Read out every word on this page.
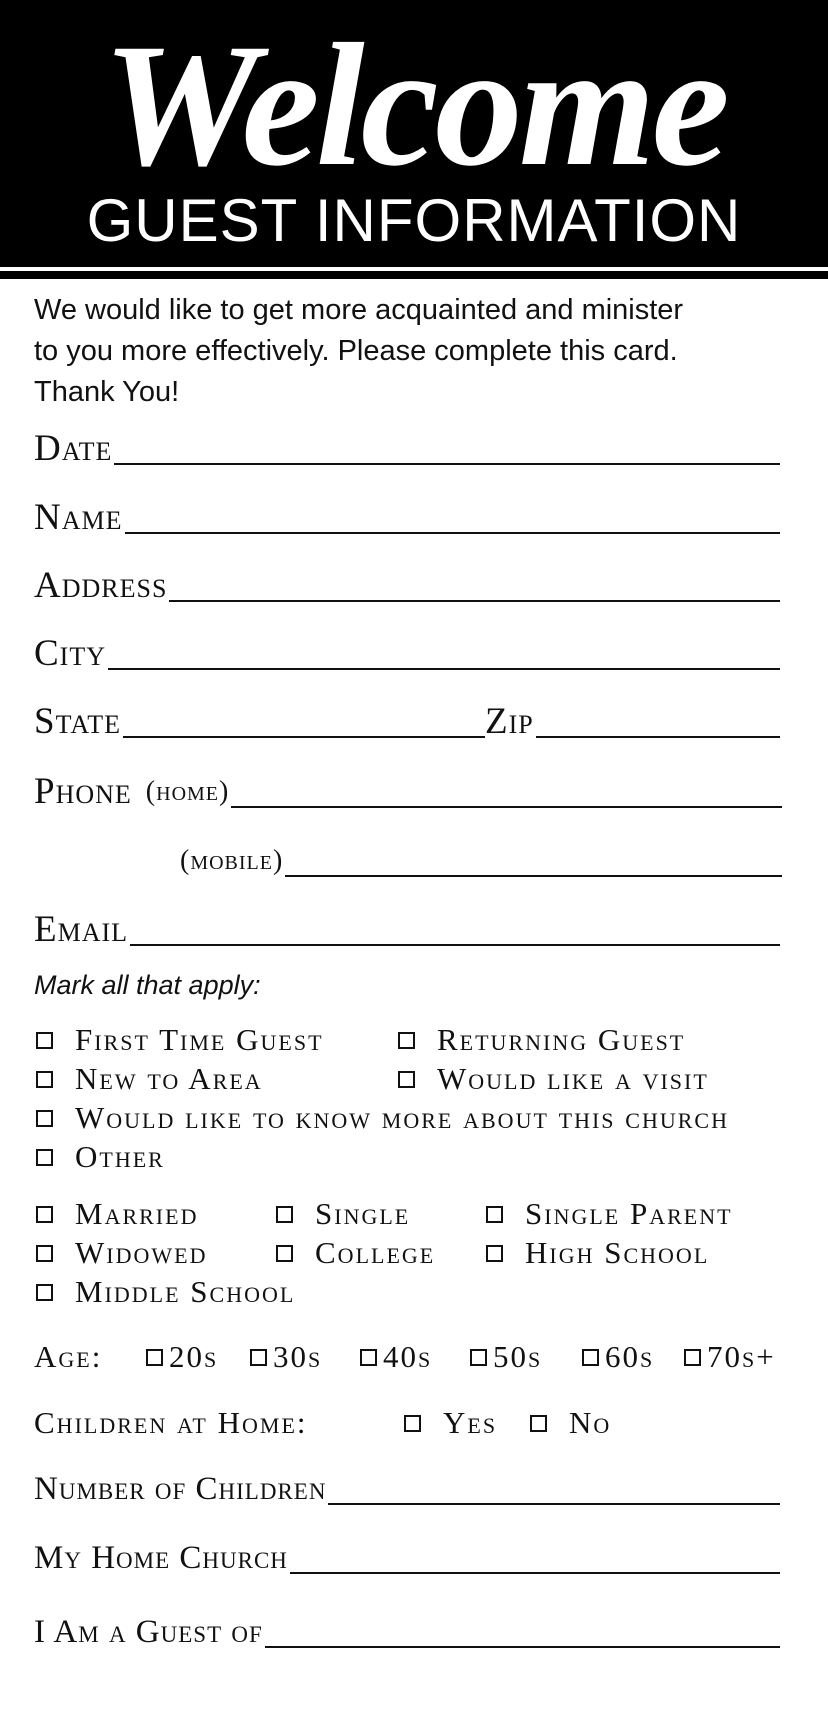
Welcome
GUEST INFORMATION

We would like to get more acquainted and minister

to you more effectively. Please complete this card.

Thank You!

Date
Name
Address
City
State	Zip
Phone (home)
(mobile)
Email
Mark all that apply:
First Time Guest	Returning Guest
New to Area	Would like a visit
Would like to know more about this church
Other
Married	Single	Single Parent
Widowed	College	High School
Middle School
Age: 20s 30s 40s 50s 60s 70s+
Children at Home:	Yes No
Number of Children
My Home Church
I Am a Guest of
